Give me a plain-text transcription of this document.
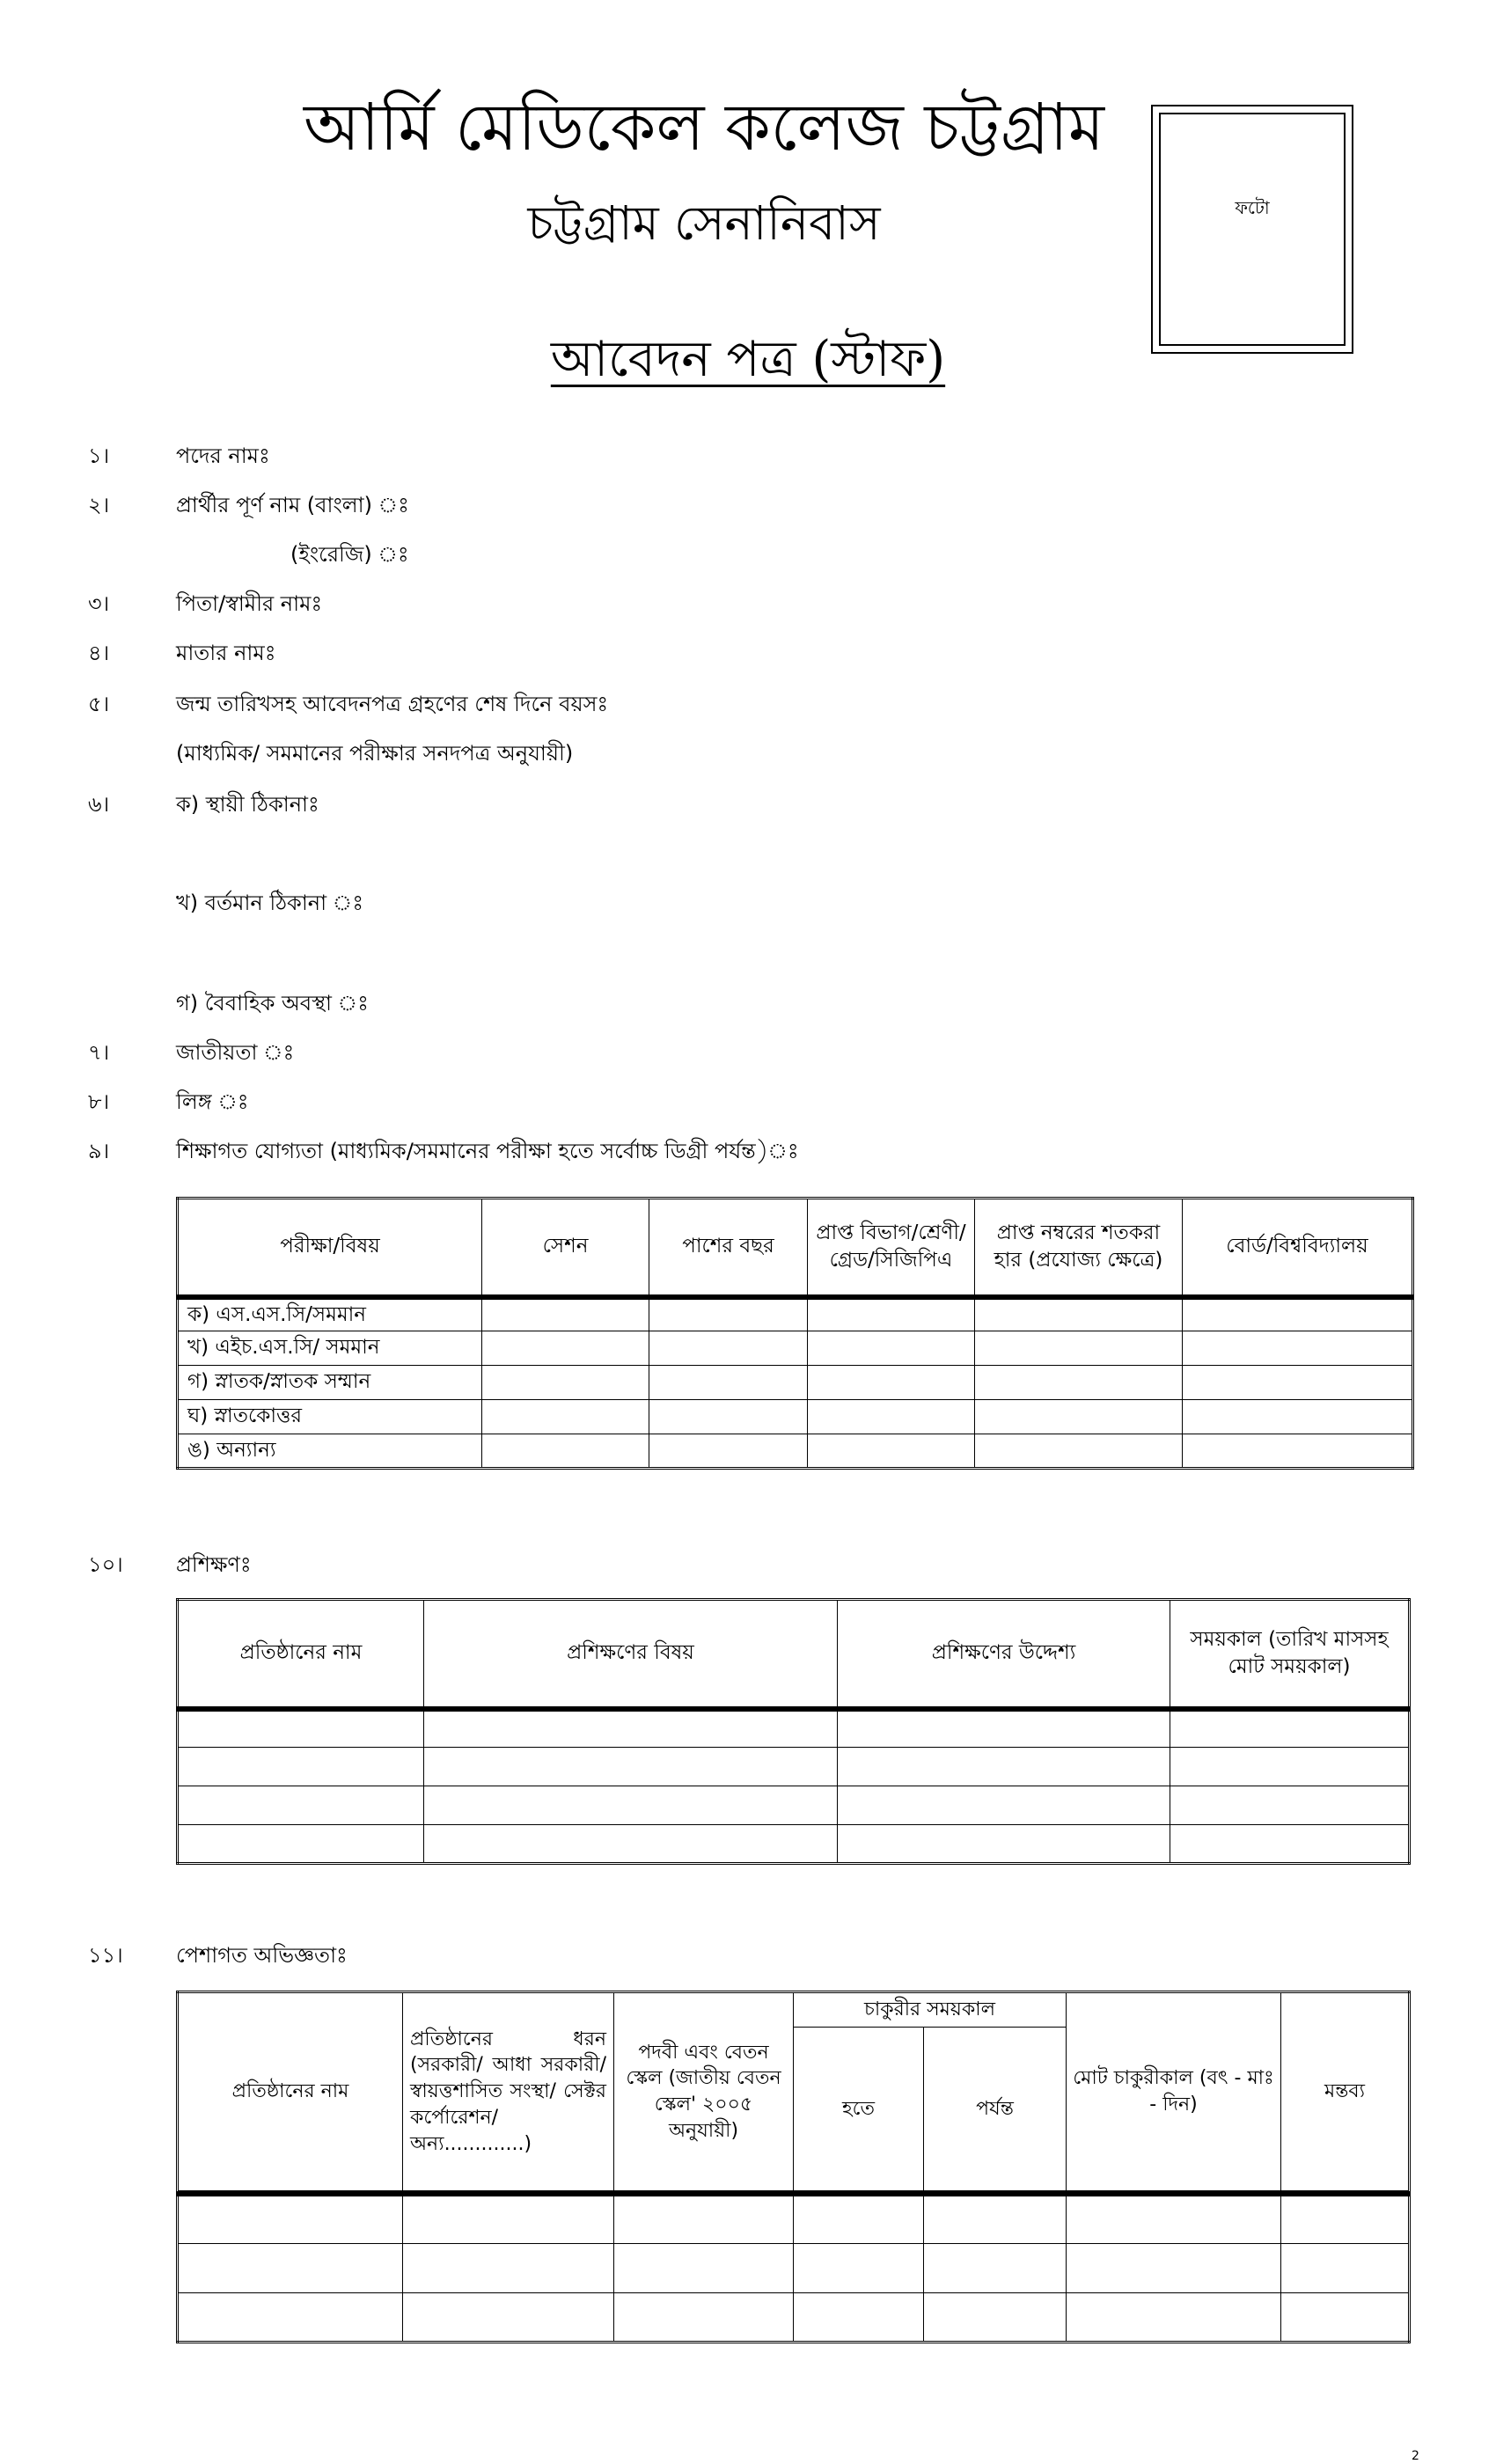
আর্মি মেডিকেল কলেজ চট্টগ্রাম
চট্টগ্রাম সেনানিবাস
আবেদন পত্র (স্টাফ)
ফটো
১।	পদের নামঃ
২।	প্রার্থীর পূর্ণ নাম (বাংলা) ঃ
(ইংরেজি) ঃ
৩।	পিতা/স্বামীর নামঃ
৪।	মাতার নামঃ
৫।	জন্ম তারিখসহ আবেদনপত্র গ্রহণের শেষ দিনে বয়সঃ
(মাধ্যমিক/ সমমানের পরীক্ষার সনদপত্র অনুযায়ী)
৬।	ক) স্থায়ী ঠিকানাঃ
খ) বর্তমান ঠিকানা ঃ
গ) বৈবাহিক অবস্থা ঃ
৭।	জাতীয়তা ঃ
৮।	লিঙ্গ ঃ
৯।	শিক্ষাগত যোগ্যতা (মাধ্যমিক/সমমানের পরীক্ষা হতে সর্বোচ্চ ডিগ্রী পর্যন্ত)ঃ
পরীক্ষা/বিষয়	সেশন	পাশের বছর	প্রাপ্ত বিভাগ/শ্রেণী/ গ্রেড/সিজিপিএ	প্রাপ্ত নম্বরের শতকরা হার (প্রযোজ্য ক্ষেত্রে)	বোর্ড/বিশ্ববিদ্যালয়
ক) এস.এস.সি/সমমান					
খ) এইচ.এস.সি/ সমমান					
গ) স্নাতক/স্নাতক সম্মান					
ঘ) স্নাতকোত্তর					
ঙ) অন্যান্য					
১০।	প্রশিক্ষণঃ
প্রতিষ্ঠানের নাম	প্রশিক্ষণের বিষয়	প্রশিক্ষণের উদ্দেশ্য	সময়কাল (তারিখ মাসসহ মোট সময়কাল)

১১।	পেশাগত অভিজ্ঞতাঃ
প্রতিষ্ঠানের নাম	প্রতিষ্ঠানের ধরন (সরকারী/ আধা সরকারী/ স্বায়ত্তশাসিত সংস্থা/ সেক্টর কর্পোরেশন/ অন্য.............)	পদবী এবং বেতন স্কেল (জাতীয় বেতন স্কেল' ২০০৫ অনুযায়ী)	চাকুরীর সময়কাল		মোট চাকুরীকাল (বৎ - মাঃ - দিন)	মন্তব্য
			হতে	পর্যন্ত		

2
